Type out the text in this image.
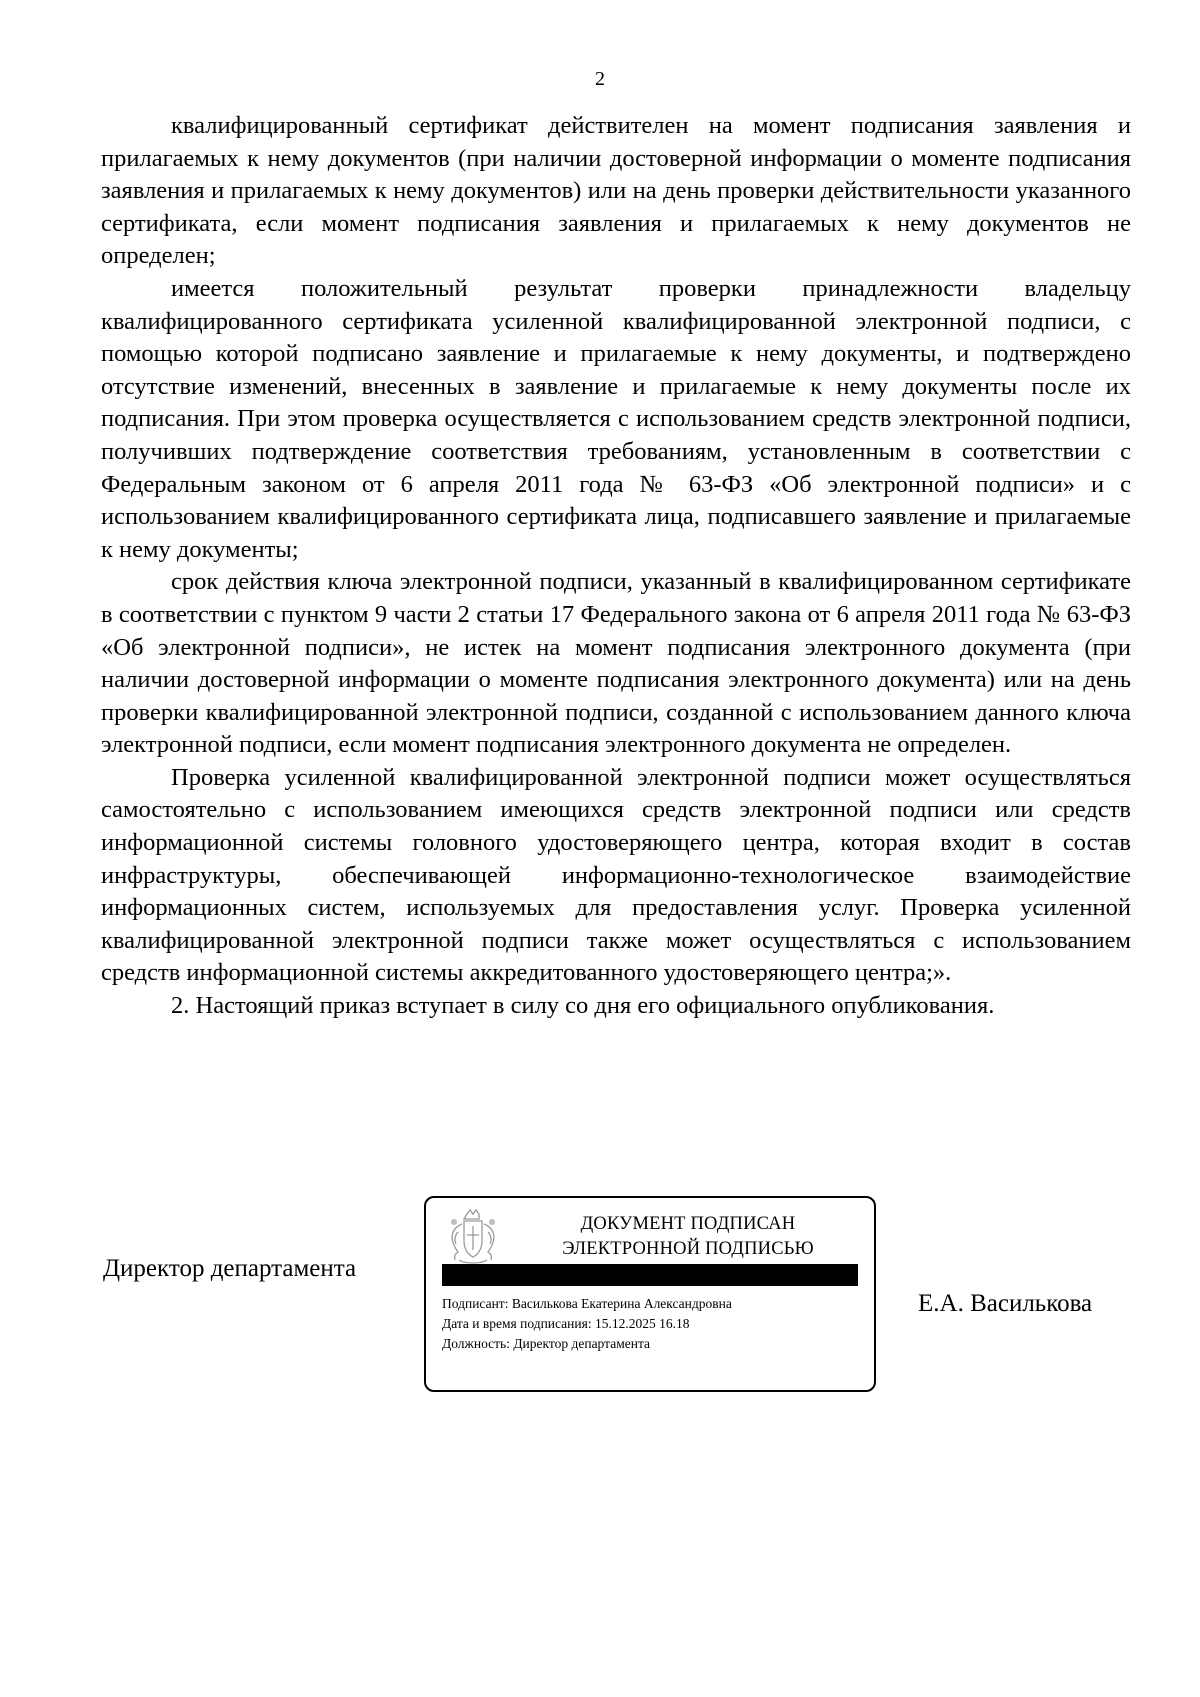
2

квалифицированный сертификат действителен на момент подписания заявления и прилагаемых к нему документов (при наличии достоверной информации о моменте подписания заявления и прилагаемых к нему документов) или на день проверки действительности указанного сертификата, если момент подписания заявления и прилагаемых к нему документов не определен;

имеется положительный результат проверки принадлежности владельцу квалифицированного сертификата усиленной квалифицированной электронной подписи, с помощью которой подписано заявление и прилагаемые к нему документы, и подтверждено отсутствие изменений, внесенных в заявление и прилагаемые к нему документы после их подписания. При этом проверка осуществляется с использованием средств электронной подписи, получивших подтверждение соответствия требованиям, установленным в соответствии с Федеральным законом от 6 апреля 2011 года № 63-ФЗ «Об электронной подписи» и с использованием квалифицированного сертификата лица, подписавшего заявление и прилагаемые к нему документы;

срок действия ключа электронной подписи, указанный в квалифицированном сертификате в соответствии с пунктом 9 части 2 статьи 17 Федерального закона от 6 апреля 2011 года № 63-ФЗ «Об электронной подписи», не истек на момент подписания электронного документа (при наличии достоверной информации о моменте подписания электронного документа) или на день проверки квалифицированной электронной подписи, созданной с использованием данного ключа электронной подписи, если момент подписания электронного документа не определен.

Проверка усиленной квалифицированной электронной подписи может осуществляться самостоятельно с использованием имеющихся средств электронной подписи или средств информационной системы головного удостоверяющего центра, которая входит в состав инфраструктуры, обеспечивающей информационно-технологическое взаимодействие информационных систем, используемых для предоставления услуг. Проверка усиленной квалифицированной электронной подписи также может осуществляться с использованием средств информационной системы аккредитованного удостоверяющего центра;».

2. Настоящий приказ вступает в силу со дня его официального опубликования.

Директор департамента
ДОКУМЕНТ ПОДПИСАН
ЭЛЕКТРОННОЙ ПОДПИСЬЮ
Подписант: Василькова Екатерина Александровна
Дата и время подписания: 15.12.2025 16.18
Должность: Директор департамента
Е.А. Василькова
